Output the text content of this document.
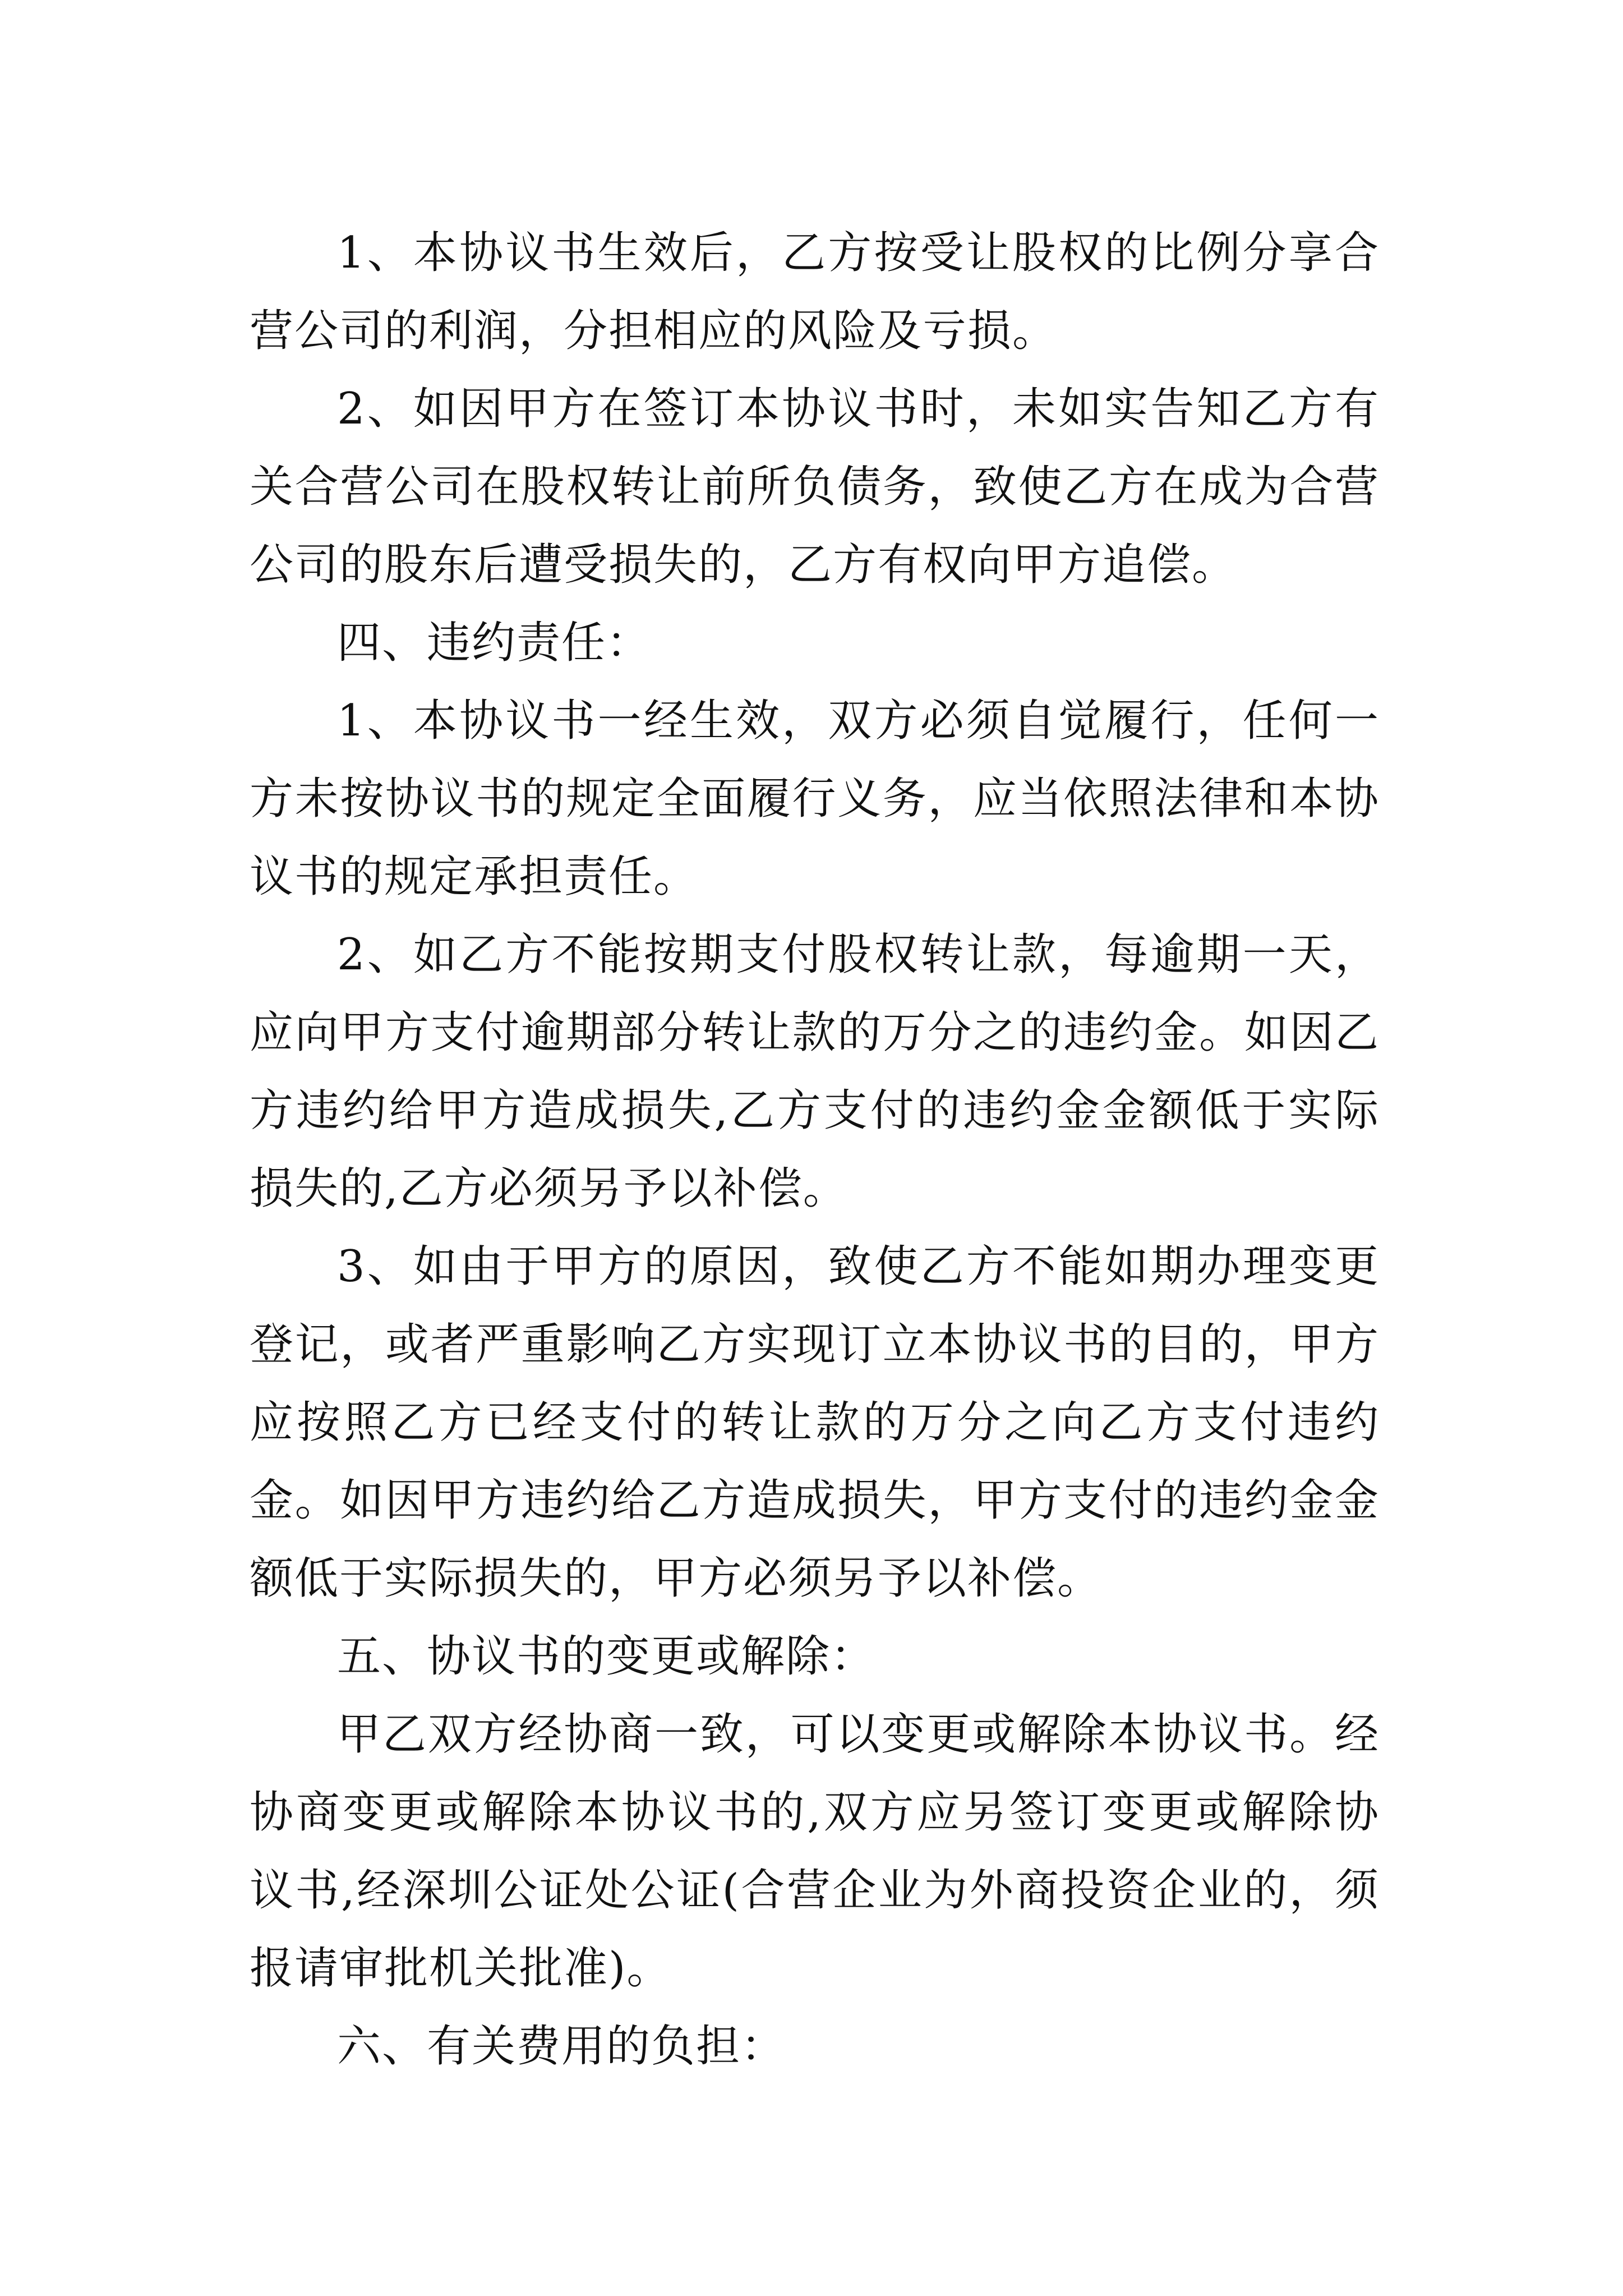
1、本协议书生效后，乙方按受让股权的比例分享合营公司的利润，分担相应的风险及亏损。

2、如因甲方在签订本协议书时，未如实告知乙方有关合营公司在股权转让前所负债务，致使乙方在成为合营公司的股东后遭受损失的，乙方有权向甲方追偿。

四、违约责任：

1、本协议书一经生效，双方必须自觉履行，任何一方未按协议书的规定全面履行义务，应当依照法律和本协议书的规定承担责任。

2、如乙方不能按期支付股权转让款，每逾期一天，应向甲方支付逾期部分转让款的万分之的违约金。如因乙方违约给甲方造成损失,乙方支付的违约金金额低于实际损失的,乙方必须另予以补偿。

3、如由于甲方的原因，致使乙方不能如期办理变更登记，或者严重影响乙方实现订立本协议书的目的，甲方应按照乙方已经支付的转让款的万分之向乙方支付违约金。如因甲方违约给乙方造成损失，甲方支付的违约金金额低于实际损失的，甲方必须另予以补偿。

五、协议书的变更或解除：

甲乙双方经协商一致，可以变更或解除本协议书。经协商变更或解除本协议书的,双方应另签订变更或解除协议书,经深圳公证处公证(合营企业为外商投资企业的，须报请审批机关批准)。

六、有关费用的负担：
